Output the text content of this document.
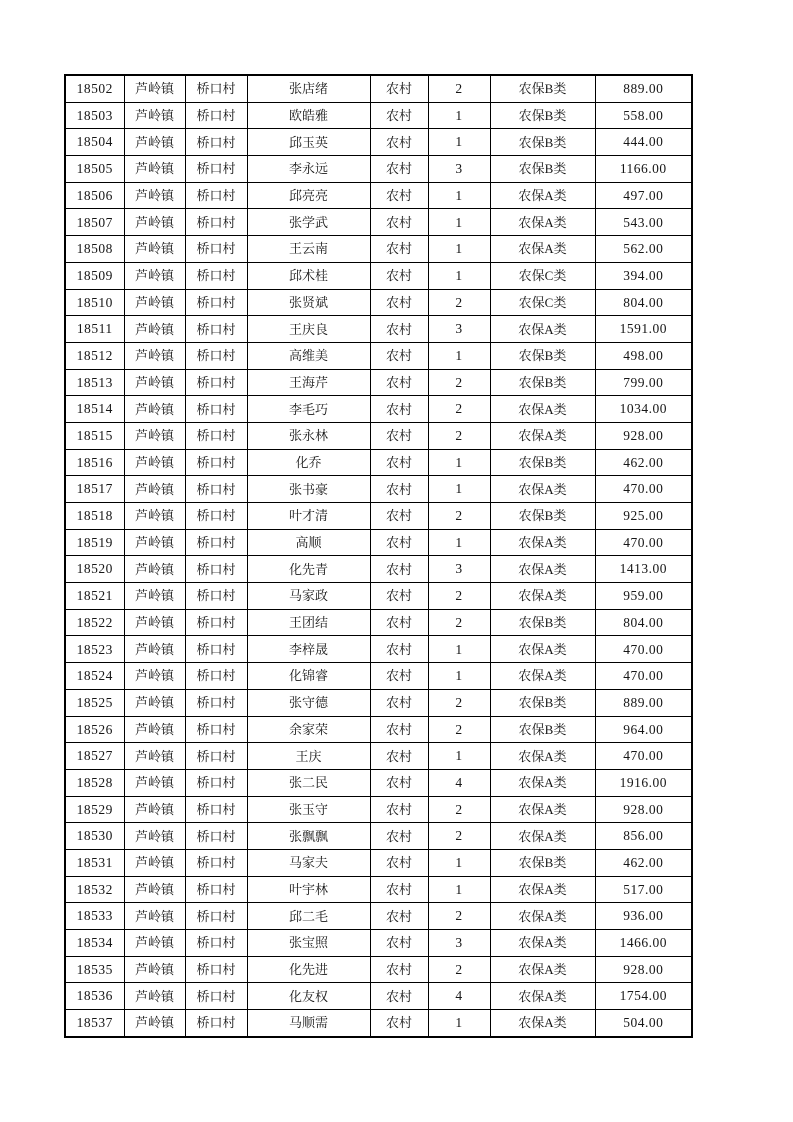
18502	芦岭镇	桥口村	张店绪	农村	2	农保B类	889.00
18503	芦岭镇	桥口村	欧皓雅	农村	1	农保B类	558.00
18504	芦岭镇	桥口村	邱玉英	农村	1	农保B类	444.00
18505	芦岭镇	桥口村	李永远	农村	3	农保B类	1166.00
18506	芦岭镇	桥口村	邱亮亮	农村	1	农保A类	497.00
18507	芦岭镇	桥口村	张学武	农村	1	农保A类	543.00
18508	芦岭镇	桥口村	王云南	农村	1	农保A类	562.00
18509	芦岭镇	桥口村	邱术桂	农村	1	农保C类	394.00
18510	芦岭镇	桥口村	张贤斌	农村	2	农保C类	804.00
18511	芦岭镇	桥口村	王庆良	农村	3	农保A类	1591.00
18512	芦岭镇	桥口村	高维美	农村	1	农保B类	498.00
18513	芦岭镇	桥口村	王海芹	农村	2	农保B类	799.00
18514	芦岭镇	桥口村	李毛巧	农村	2	农保A类	1034.00
18515	芦岭镇	桥口村	张永林	农村	2	农保A类	928.00
18516	芦岭镇	桥口村	化乔	农村	1	农保B类	462.00
18517	芦岭镇	桥口村	张书豪	农村	1	农保A类	470.00
18518	芦岭镇	桥口村	叶才清	农村	2	农保B类	925.00
18519	芦岭镇	桥口村	高顺	农村	1	农保A类	470.00
18520	芦岭镇	桥口村	化先青	农村	3	农保A类	1413.00
18521	芦岭镇	桥口村	马家政	农村	2	农保A类	959.00
18522	芦岭镇	桥口村	王团结	农村	2	农保B类	804.00
18523	芦岭镇	桥口村	李梓晟	农村	1	农保A类	470.00
18524	芦岭镇	桥口村	化锦睿	农村	1	农保A类	470.00
18525	芦岭镇	桥口村	张守德	农村	2	农保B类	889.00
18526	芦岭镇	桥口村	余家荣	农村	2	农保B类	964.00
18527	芦岭镇	桥口村	王庆	农村	1	农保A类	470.00
18528	芦岭镇	桥口村	张二民	农村	4	农保A类	1916.00
18529	芦岭镇	桥口村	张玉守	农村	2	农保A类	928.00
18530	芦岭镇	桥口村	张飘飘	农村	2	农保A类	856.00
18531	芦岭镇	桥口村	马家夫	农村	1	农保B类	462.00
18532	芦岭镇	桥口村	叶宇林	农村	1	农保A类	517.00
18533	芦岭镇	桥口村	邱二毛	农村	2	农保A类	936.00
18534	芦岭镇	桥口村	张宝照	农村	3	农保A类	1466.00
18535	芦岭镇	桥口村	化先进	农村	2	农保A类	928.00
18536	芦岭镇	桥口村	化友权	农村	4	农保A类	1754.00
18537	芦岭镇	桥口村	马顺需	农村	1	农保A类	504.00
